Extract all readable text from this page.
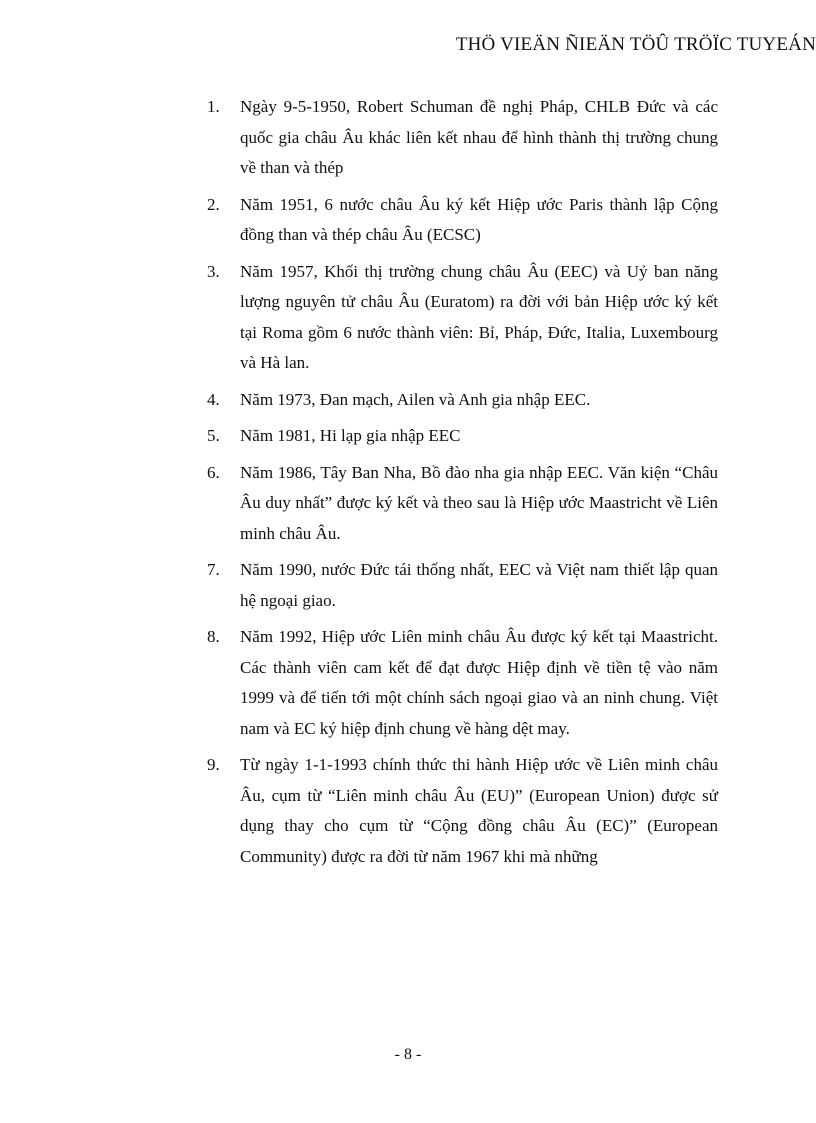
THÖ VIEÄN ÑIEÄN TÖÛ TRÖÏC TUYEÁN
1.	Ngày 9-5-1950, Robert Schuman đề nghị Pháp, CHLB Đức và các quốc gia châu Âu khác liên kết nhau để hình thành thị trường chung về than và thép
2.	Năm 1951, 6 nước châu Âu ký kết Hiệp ước Paris thành lập Cộng đồng than và thép châu Âu (ECSC)
3.	Năm 1957, Khối thị trường chung châu Âu (EEC) và Uỷ ban năng lượng nguyên tử châu Âu (Euratom) ra đời với bản Hiệp ước ký kết tại Roma gồm 6 nước thành viên: Bỉ, Pháp, Đức, Italia, Luxembourg và Hà lan.
4.	Năm 1973, Đan mạch, Ailen và Anh gia nhập EEC.
5.	Năm 1981, Hi lạp gia nhập EEC
6.	Năm 1986, Tây Ban Nha, Bồ đào nha gia nhập EEC. Văn kiện “Châu Âu duy nhất” được ký kết và theo sau là Hiệp ước Maastricht về Liên minh châu Âu.
7.	Năm 1990, nước Đức tái thống nhất, EEC và Việt nam thiết lập quan hệ ngoại giao.
8.	Năm 1992, Hiệp ước Liên minh châu Âu được ký kết tại Maastricht. Các thành viên cam kết để đạt được Hiệp định về tiền tệ vào năm 1999 và để tiến tới một chính sách ngoại giao và an ninh chung. Việt nam và EC ký hiệp định chung về hàng dệt may.
9.	Từ ngày 1-1-1993 chính thức thi hành Hiệp ước về Liên minh châu Âu, cụm từ “Liên minh châu Âu (EU)” (European Union) được sử dụng thay cho cụm từ “Cộng đồng châu Âu (EC)” (European Community) được ra đời từ năm 1967 khi mà những
- 8 -
